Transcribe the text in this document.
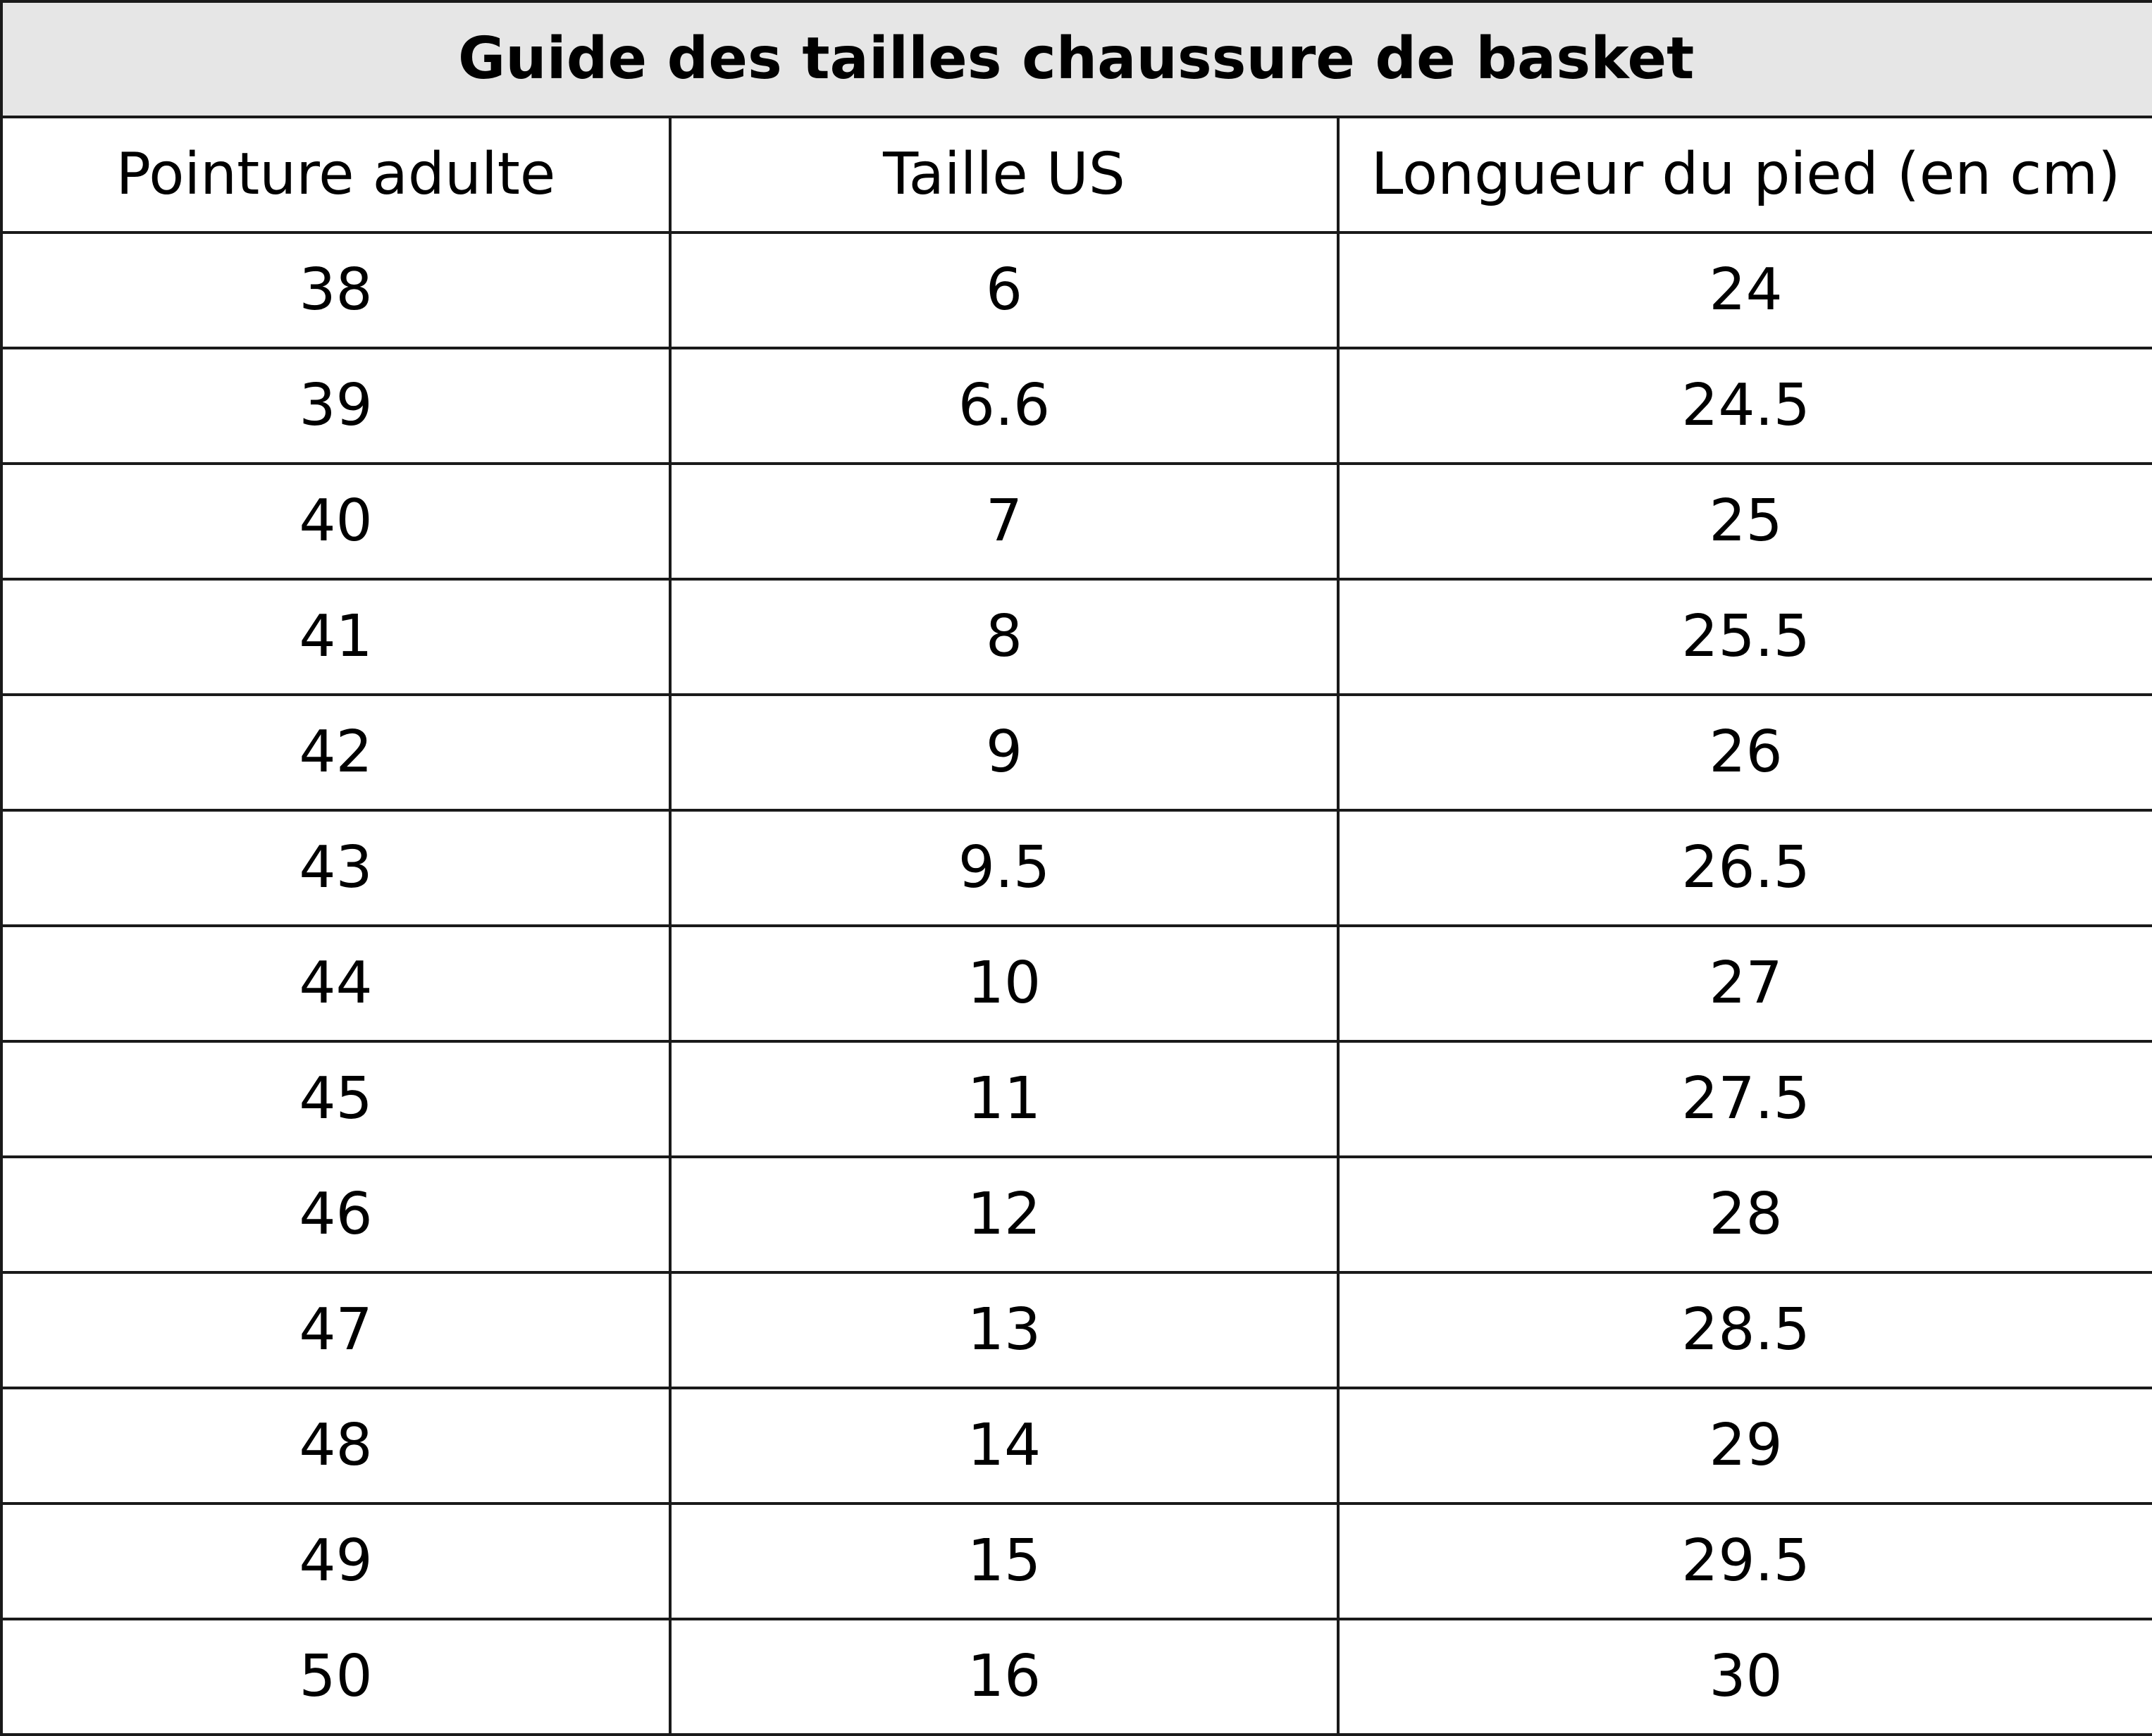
Guide des tailles chaussure de basket		
Pointure adulte	Taille US	Longueur du pied (en cm)
38	6	24
39	6.6	24.5
40	7	25
41	8	25.5
42	9	26
43	9.5	26.5
44	10	27
45	11	27.5
46	12	28
47	13	28.5
48	14	29
49	15	29.5
50	16	30
